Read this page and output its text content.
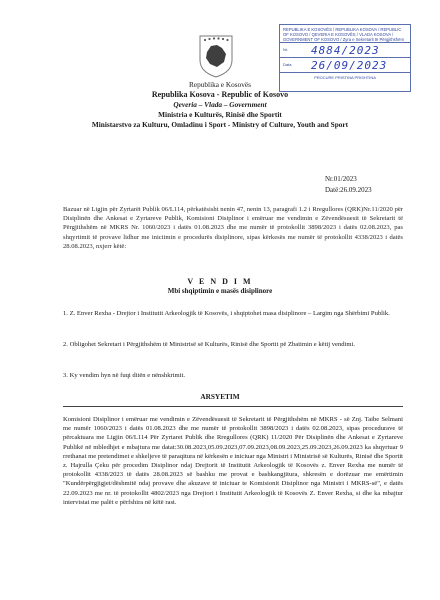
REPUBLIKA E KOSOVËS / REPUBLIKA KOSOVA / REPUBLIC OF KOSOVO / QEVERIA E KOSOVËS / VLADA KOSOVA / GOVERNMENT OF KOSOVO / Zyra e Sekretarit të Përgjithshëm
Nr.	4884/2023
Data	26/09/2023
PROCURE PRISTINA PRISHTINA
Republika e Kosovës
Republika Kosova - Republic of Kosovo
Qeveria – Vlada – Government
Ministria e Kulturës, Rinisë dhe Sportit
Ministarstvo za Kulturu, Omladinu i Sport - Ministry of Culture, Youth and Sport
Nr.01/2023
Datë:26.09.2023
Bazuar në Ligjin për Zyrtarët Publik 06/L114, përkatësisht nenin 47, nenin 13, paragrafi 1.2 i Rregullores (QRK)Nr.11/2020 për Disiplinën dhe Ankesat e Zyrtareve Publik, Komisioni Disiplinor i emëruar me vendimin e Zëvendësuesit të Sekretarit të Përgjithshëm në MKRS Nr. 1060/2023 i datës 01.08.2023 dhe me numër të protokollit 3898/2023 i datës 02.08.2023, pas shqyrtimit të provave lidhur me iniciimin e procedurës disiplinore, sipas kërkesës me numër të protokollit 4338/2023 i datës 28.08.2023, nxjerr këtë:
V E N D I M
Mbi shqiptimin e masës disiplinore
1. Z. Enver Rexha - Drejtor i Institutit Arkeologjik të Kosovës, i shqiptohet masa disiplinore – Largim nga Shërbimi Publik.
2. Obligohet Sekretari i Përgjithshëm të Ministrisë së Kulturës, Rinisë dhe Sportit pë Zbatimin e këtij vendimi.
3. Ky vendim hyn në fuqi ditën e nënshkrimit.
ARSYETIM
Komisioni Disiplinor i emëruar me vendimin e Zëvendësuesit të Sekretarit të Përgjithshëm në MKRS - së Znj. Taibe Selmani me numër 1060/2023 i datës 01.08.2023 dhe me numër të protokollit 3898/2023 i datës 02.08.2023, sipas procedurave të përcaktuara me Ligjin 06/L114 Për Zyrtaret Publik dhe Rregullores (QRK) 11/2020 Për Disiplinën dhe Ankesat e Zyrtareve Publikë në mbledhjet e mbajtura me datat:30.08.2023,05.09.2023,07.09.2023,08.09.2023,25.09.2023,26.09.2023 ka shqyrtuar 9 rrethanat me pretendimet e shkeljeve të paraqitura në kërkesën e iniciuar nga Ministri i Ministrisë së Kulturës, Rinisë dhe Sportit z. Hajrulla Çeku për procedim Disiplinor ndaj Drejtorit të Institutit Arkeologjik të Kosovës z. Enver Rexha me numër të protokollit 4338/2023 të datës 28.08.2023 së bashku me provat e bashkangjitura, shkresën e dorëzuar me emërtimin "Kundërpërgjigjet/dëshmitë ndaj provave dhe akuzave të iniciuar te Komisionit Disiplinor nga Ministri i MKRS-së", e datës 22.09.2023 me nr. të protokollit 4802/2023 nga Drejtori i Institutit Arkeologjik të Kosovës Z. Enver Rexha, si dhe ka mbajtur intervistat me palët e përfshira në këtë rast.
